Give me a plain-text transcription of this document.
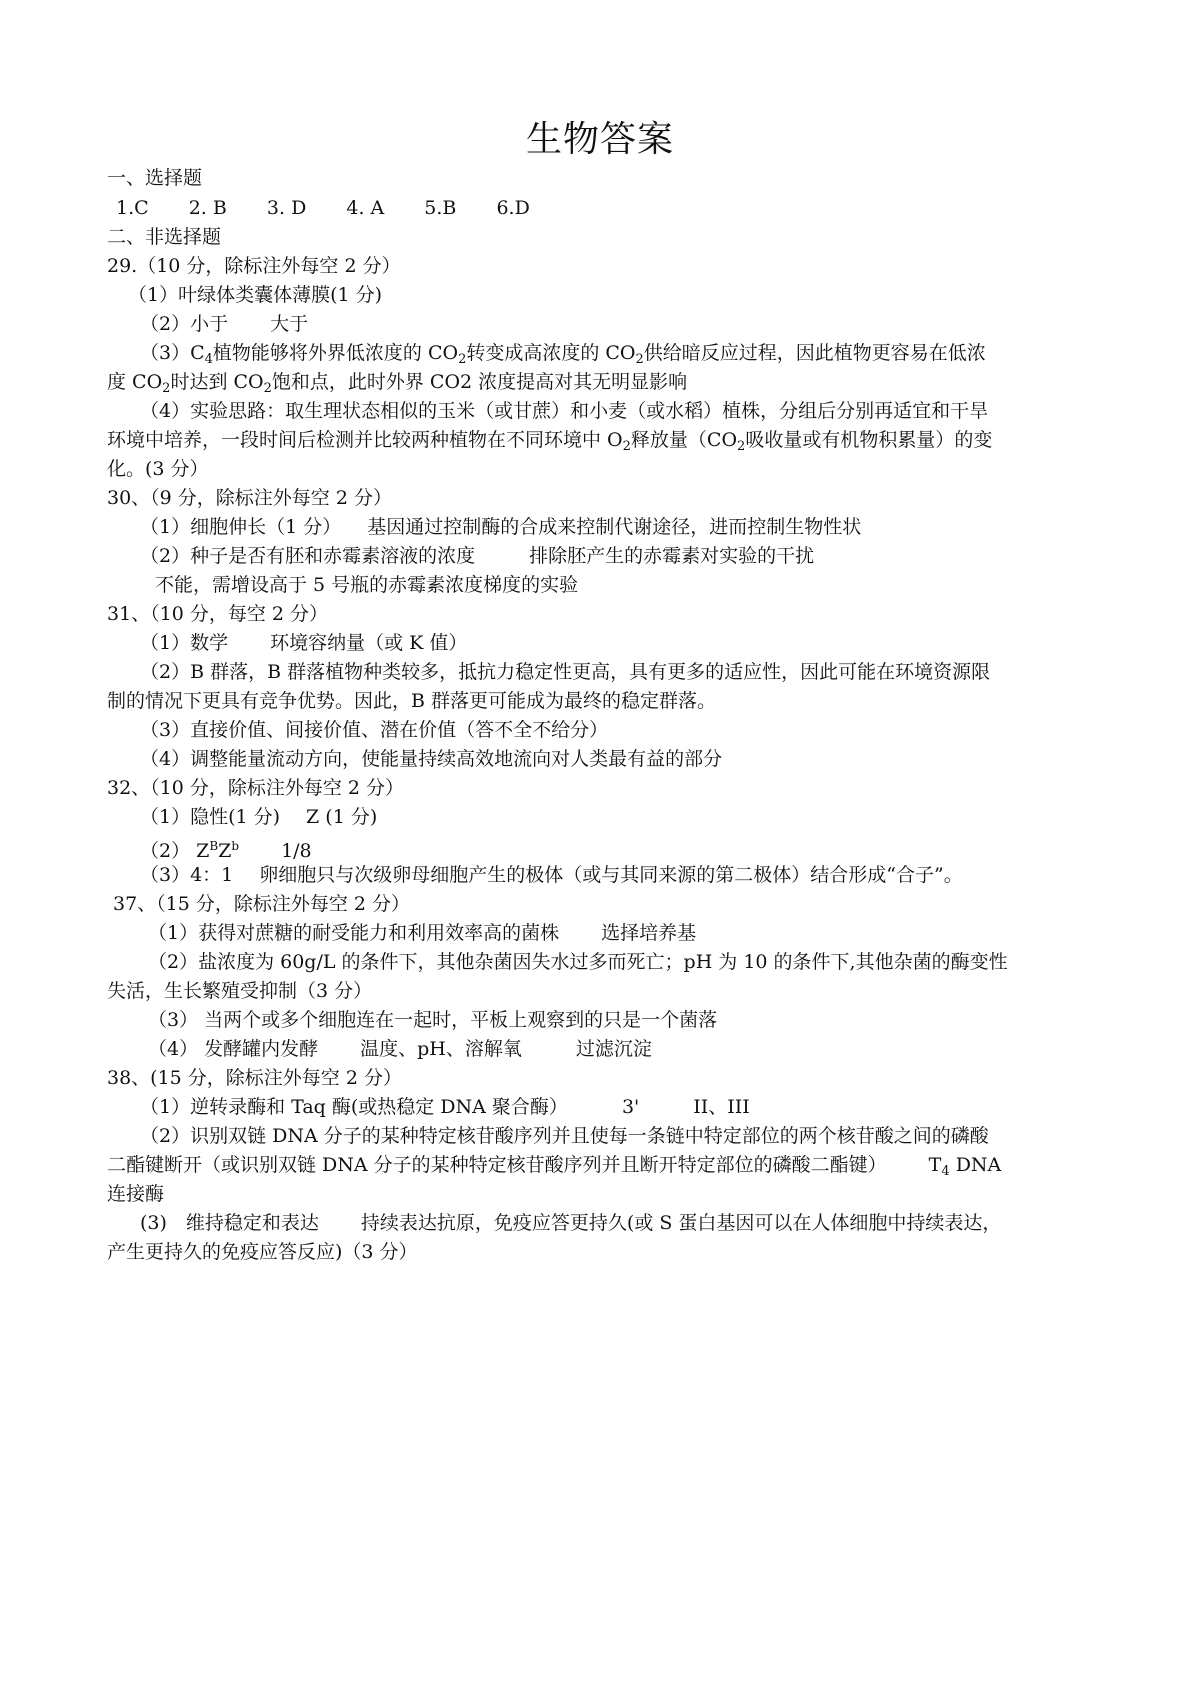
生物答案
一、选择题
1.C 2. B 3. D 4. A 5.B 6.D
二、非选择题
29.（10 分，除标注外每空 2 分）
（1）叶绿体类囊体薄膜(1 分)
（2）小于 大于
$(3)C_4$植物能够将外界低浓度的 $CO_2$转变成高浓度的 $CO_2$供给暗反应过程，因此植物更容易在低浓
度 $CO_2$时达到 $CO_2$饱和点，此时外界 CO2 浓度提高对其无明显影响
（4）实验思路：取生理状态相似的玉米（或甘蔗）和小麦（或水稻）植株，分组后分别再适宜和干旱
环境中培养，一段时间后检测并比较两种植物在不同环境中 $O_2$释放量（$CO_2$吸收量或有机物积累量）的变
化。(3 分）
30、（9 分，除标注外每空 2 分）
（1）细胞伸长（1 分） 基因通过控制酶的合成来控制代谢途径，进而控制生物性状
（2）种子是否有胚和赤霉素溶液的浓度	排除胚产生的赤霉素对实验的干扰
不能，需增设高于 5 号瓶的赤霉素浓度梯度的实验
31、（10 分，每空 2 分）
（1）数学 环境容纳量（或 K 值）
（2）B 群落，B 群落植物种类较多，抵抗力稳定性更高，具有更多的适应性，因此可能在环境资源限
制的情况下更具有竞争优势。因此，B 群落更可能成为最终的稳定群落。
（3）直接价值、间接价值、潜在价值（答不全不给分）
（4）调整能量流动方向，使能量持续高效地流向对人类最有益的部分
32、（10 分，除标注外每空 2 分）
（1）隐性(1 分) Z (1 分)
（2） $Z^BZ^b$ 1/8
（3）4：1 卵细胞只与次级卵母细胞产生的极体（或与其同来源的第二极体）结合形成“合子”。
37、（15 分，除标注外每空 2 分）
（1）获得对蔗糖的耐受能力和利用效率高的菌株 选择培养基
（2）盐浓度为 60g/L 的条件下，其他杂菌因失水过多而死亡；pH 为 10 的条件下,其他杂菌的酶变性
失活，生长繁殖受抑制（3 分）
（3） 当两个或多个细胞连在一起时，平板上观察到的只是一个菌落
（4） 发酵罐内发酵 温度、pH、溶解氧	过滤沉淀
38、(15 分，除标注外每空 2 分）
（1）逆转录酶和 Taq 酶(或热稳定 DNA 聚合酶）	3'	II、III
（2）识别双链 DNA 分子的某种特定核苷酸序列并且使每一条链中特定部位的两个核苷酸之间的磷酸
二酯键断开（或识别双链 DNA 分子的某种特定核苷酸序列并且断开特定部位的磷酸二酯键） $T_4$ DNA
连接酶
(3)　维持稳定和表达 持续表达抗原，免疫应答更持久(或 S 蛋白基因可以在人体细胞中持续表达，
产生更持久的免疫应答反应)（3 分）
